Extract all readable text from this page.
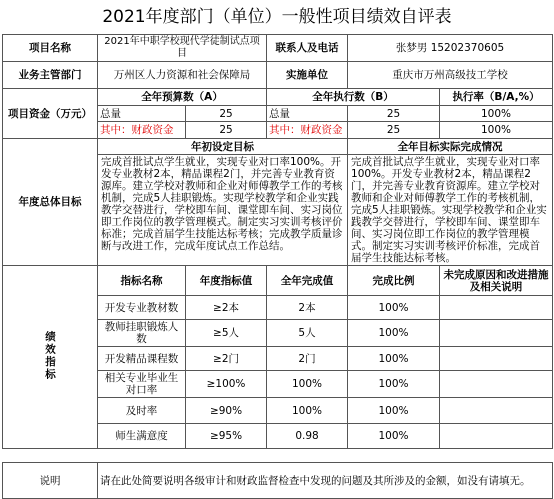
2021年度部门（单位）一般性项目绩效自评表
项目名称	2021年中职学校现代学徒制试点项目		联系人及电话	张梦男 15202370605	
业务主管部门	万州区人力资源和社会保障局		实施单位	重庆市万州高级技工学校	
项目资金（万元）	全年预算数（A）		全年执行数（B）		执行率（B/A,%）
	总量	25	总量	25	100%
	其中：财政资金	25	其中：财政资金	25	100%
年度总体目标	年初设定目标			全年目标实际完成情况	
	完成首批试点学生就业，实现专业对口率100%。开发专业教材2本，精品课程2门，并完善专业教育资源库。建立学校对教师和企业对师傅教学工作的考核机制，完成5人挂职锻炼。实现学校教学和企业实践教学交替进行，学校即车间、课堂即车间、实习岗位即工作岗位的教学管理模式。制定实习实训考核评价标准；完成首届学生技能达标考核；完成教学质量诊断与改进工作，完成年度试点工作总结。			完成首批试点学生就业，实现专业对口率100%。开发专业教材2本，精品课程2门，并完善专业教育资源库。建立学校对教师和企业对师傅教学工作的考核机制，完成5人挂职锻炼。实现学校教学和企业实践教学交替进行，学校即车间、课堂即车间、实习岗位即工作岗位的教学管理模式。制定实习实训考核评价标准，完成首届学生技能达标考核。	
绩效指标	指标名称	年度指标值	全年完成值	完成比例	未完成原因和改进措施及相关说明
	开发专业教材数	≥2本	2本	100%	
	教师挂职锻炼人数	≥5人	5人	100%	
	开发精品课程数	≥2门	2门	100%	
	相关专业毕业生对口率	≥100%	100%	100%	
	及时率	≥90%	100%	100%	
	师生满意度	≥95%	0.98	100%	

说明	请在此处简要说明各级审计和财政监督检查中发现的问题及其所涉及的金额，如没有请填无。				
